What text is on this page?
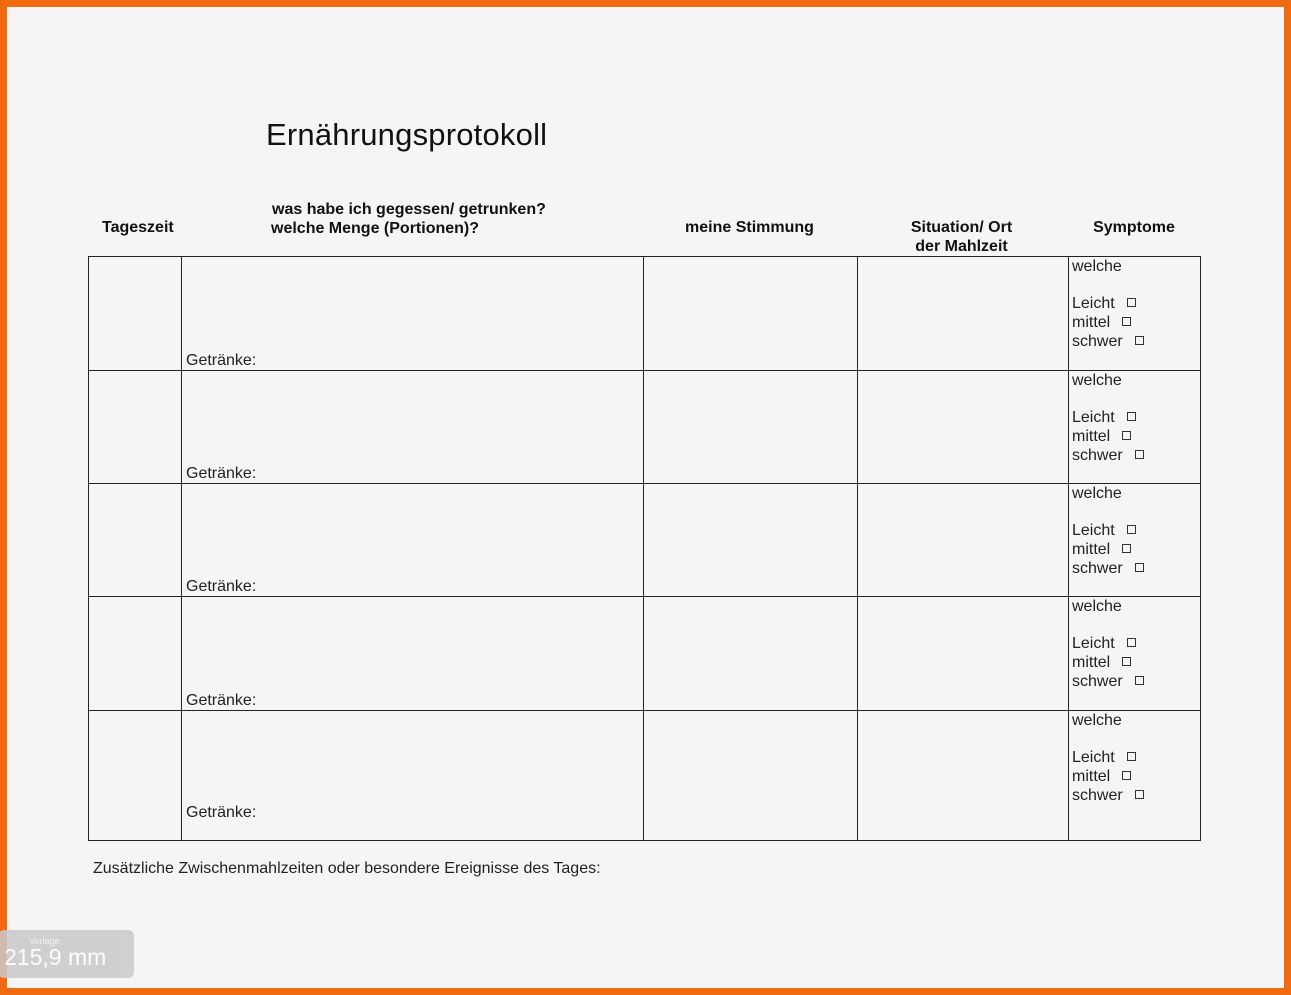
Ernährungsprotokoll
Tageszeit
was habe ich gegessen/ getrunken?
welche Menge (Portionen)?	meine Stimmung	Situation/ Ort
der Mahlzeit
Symptome
Getränke:
welche
Leicht
mittel
schwer
Getränke:
welche
Leicht
mittel
schwer
Getränke:
welche
Leicht
mittel
schwer
Getränke:
welche
Leicht
mittel
schwer
Getränke:
welche
Leicht
mittel
schwer
Zusätzliche Zwischenmahlzeiten oder besondere Ereignisse des Tages:
Vorlage
215,9 mm
